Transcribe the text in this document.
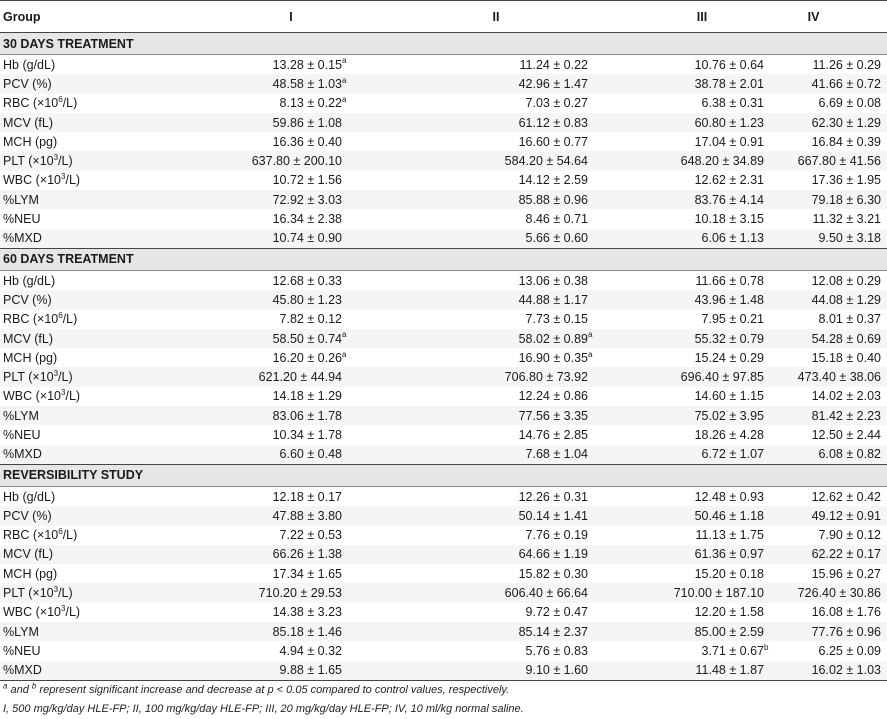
Group	I	II	III	IV
30 DAYS TREATMENT				
Hb (g/dL)	13.28 ± 0.15a	11.24 ± 0.22	10.76 ± 0.64	11.26 ± 0.29
PCV (%)	48.58 ± 1.03a	42.96 ± 1.47	38.78 ± 2.01	41.66 ± 0.72
RBC $(\times 10^6/L)$	8.13 ± 0.22a	7.03 ± 0.27	6.38 ± 0.31	6.69 ± 0.08
MCV (fL)	59.86 ± 1.08	61.12 ± 0.83	60.80 ± 1.23	62.30 ± 1.29
MCH (pg)	16.36 ± 0.40	16.60 ± 0.77	17.04 ± 0.91	16.84 ± 0.39
PLT $(\times 10^3/L)$	637.80 ± 200.10	584.20 ± 54.64	648.20 ± 34.89	667.80 ± 41.56
WBC $(\times 10^3/L)$	10.72 ± 1.56	14.12 ± 2.59	12.62 ± 2.31	17.36 ± 1.95
%LYM	72.92 ± 3.03	85.88 ± 0.96	83.76 ± 4.14	79.18 ± 6.30
%NEU	16.34 ± 2.38	8.46 ± 0.71	10.18 ± 3.15	11.32 ± 3.21
%MXD	10.74 ± 0.90	5.66 ± 0.60	6.06 ± 1.13	9.50 ± 3.18
60 DAYS TREATMENT				
Hb (g/dL)	12.68 ± 0.33	13.06 ± 0.38	11.66 ± 0.78	12.08 ± 0.29
PCV (%)	45.80 ± 1.23	44.88 ± 1.17	43.96 ± 1.48	44.08 ± 1.29
RBC $(\times 10^6/L)$	7.82 ± 0.12	7.73 ± 0.15	7.95 ± 0.21	8.01 ± 0.37
MCV (fL)	58.50 ± 0.74a	58.02 ± 0.89a	55.32 ± 0.79	54.28 ± 0.69
MCH (pg)	16.20 ± 0.26a	16.90 ± 0.35a	15.24 ± 0.29	15.18 ± 0.40
PLT $(\times 10^3/L)$	621.20 ± 44.94	706.80 ± 73.92	696.40 ± 97.85	473.40 ± 38.06
WBC $(\times 10^3/L)$	14.18 ± 1.29	12.24 ± 0.86	14.60 ± 1.15	14.02 ± 2.03
%LYM	83.06 ± 1.78	77.56 ± 3.35	75.02 ± 3.95	81.42 ± 2.23
%NEU	10.34 ± 1.78	14.76 ± 2.85	18.26 ± 4.28	12.50 ± 2.44
%MXD	6.60 ± 0.48	7.68 ± 1.04	6.72 ± 1.07	6.08 ± 0.82
REVERSIBILITY STUDY				
Hb (g/dL)	12.18 ± 0.17	12.26 ± 0.31	12.48 ± 0.93	12.62 ± 0.42
PCV (%)	47.88 ± 3.80	50.14 ± 1.41	50.46 ± 1.18	49.12 ± 0.91
RBC $(\times 10^6/L)$	7.22 ± 0.53	7.76 ± 0.19	11.13 ± 1.75	7.90 ± 0.12
MCV (fL)	66.26 ± 1.38	64.66 ± 1.19	61.36 ± 0.97	62.22 ± 0.17
MCH (pg)	17.34 ± 1.65	15.82 ± 0.30	15.20 ± 0.18	15.96 ± 0.27
PLT $(\times 10^3/L)$	710.20 ± 29.53	606.40 ± 66.64	710.00 ± 187.10	726.40 ± 30.86
WBC $(\times 10^3/L)$	14.38 ± 3.23	9.72 ± 0.47	12.20 ± 1.58	16.08 ± 1.76
%LYM	85.18 ± 1.46	85.14 ± 2.37	85.00 ± 2.59	77.76 ± 0.96
%NEU	4.94 ± 0.32	5.76 ± 0.83	3.71 ± 0.67b	6.25 ± 0.09
%MXD	9.88 ± 1.65	9.10 ± 1.60	11.48 ± 1.87	16.02 ± 1.03
$^a$ and $^b$ represent significant increase and decrease at p < 0.05 compared to control values, respectively.
I, 500 mg/kg/day HLE-FP; II, 100 mg/kg/day HLE-FP; III, 20 mg/kg/day HLE-FP; IV, 10 ml/kg normal saline.
